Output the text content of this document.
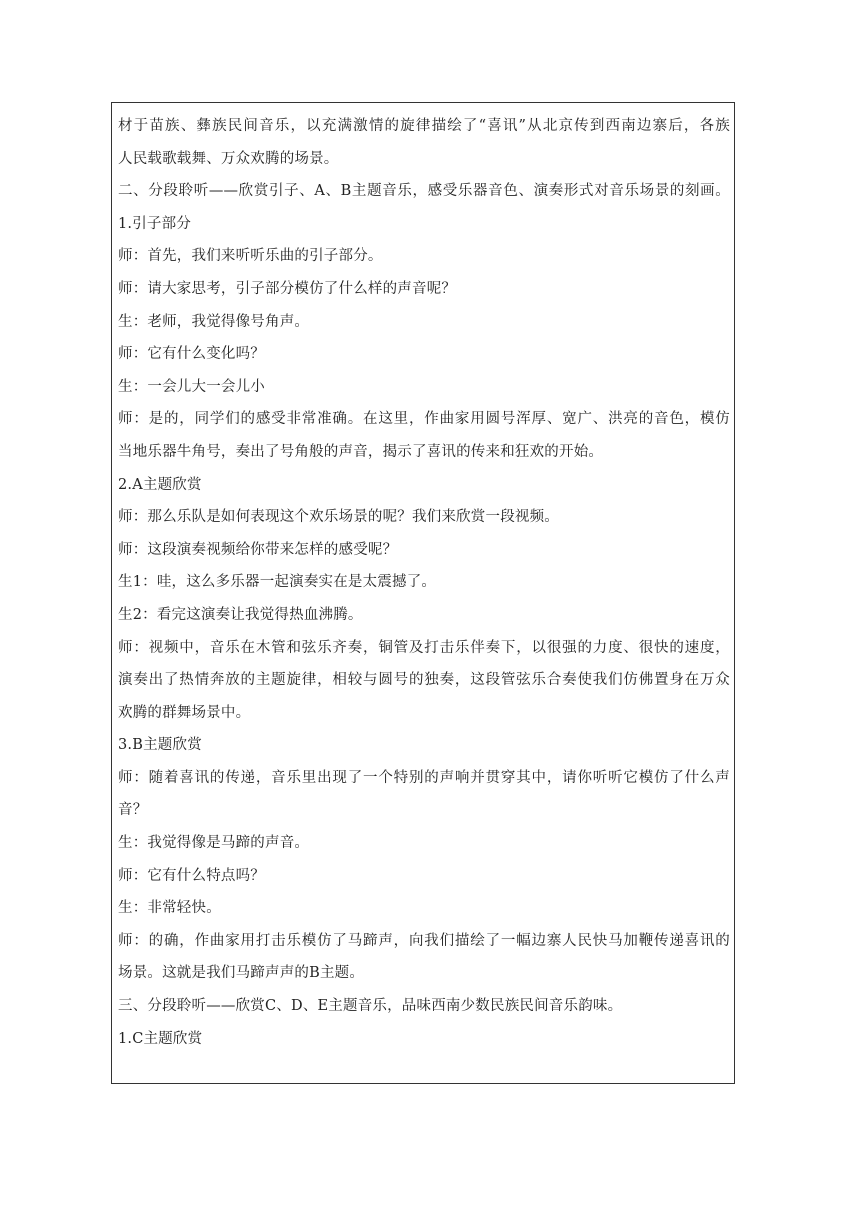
材于苗族、彝族民间音乐，以充满激情的旋律描绘了“喜讯”从北京传到西南边寨后，各族
人民载歌载舞、万众欢腾的场景。
二、分段聆听——欣赏引子、A、B主题音乐，感受乐器音色、演奏形式对音乐场景的刻画。
1.引子部分
师：首先，我们来听听乐曲的引子部分。
师：请大家思考，引子部分模仿了什么样的声音呢？
生：老师，我觉得像号角声。
师：它有什么变化吗？
生：一会儿大一会儿小
师：是的，同学们的感受非常准确。在这里，作曲家用圆号浑厚、宽广、洪亮的音色，模仿
当地乐器牛角号，奏出了号角般的声音，揭示了喜讯的传来和狂欢的开始。
2.A主题欣赏
师：那么乐队是如何表现这个欢乐场景的呢？我们来欣赏一段视频。
师：这段演奏视频给你带来怎样的感受呢？
生1：哇，这么多乐器一起演奏实在是太震撼了。
生2：看完这演奏让我觉得热血沸腾。
师：视频中，音乐在木管和弦乐齐奏，铜管及打击乐伴奏下，以很强的力度、很快的速度，
演奏出了热情奔放的主题旋律，相较与圆号的独奏，这段管弦乐合奏使我们仿佛置身在万众
欢腾的群舞场景中。
3.B主题欣赏
师：随着喜讯的传递，音乐里出现了一个特别的声响并贯穿其中，请你听听它模仿了什么声
音？
生：我觉得像是马蹄的声音。
师：它有什么特点吗？
生：非常轻快。
师：的确，作曲家用打击乐模仿了马蹄声，向我们描绘了一幅边寨人民快马加鞭传递喜讯的
场景。这就是我们马蹄声声的B主题。
三、分段聆听——欣赏C、D、E主题音乐，品味西南少数民族民间音乐韵味。
1.C主题欣赏
